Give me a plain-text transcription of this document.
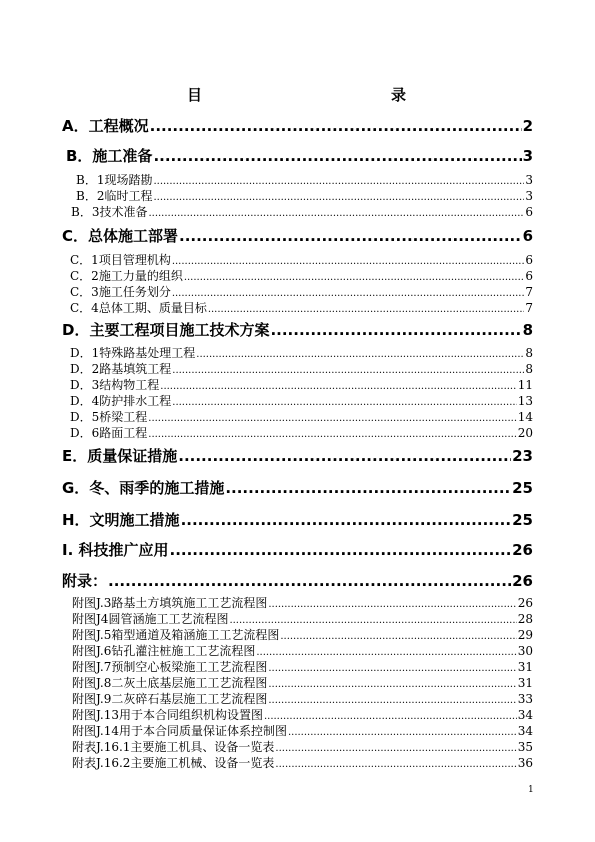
目	录
A．工程概况 .....	2
B．施工准备 .....	3
B．1现场踏勘 .....	3
B．2临时工程 .....	3
B．3技术准备 .....	6
C．总体施工部署 .....	6
C．1项目管理机构 .....	6
C．2施工力量的组织 .....	6
C．3施工任务划分 .....	7
C．4总体工期、质量目标 .....	7
D．主要工程项目施工技术方案 .....	8
D．1特殊路基处理工程 .....	8
D．2路基填筑工程 .....	8
D．3结构物工程 .....	11
D．4防护排水工程 .....	13
D．5桥梁工程 .....	14
D．6路面工程 .....	20
E．质量保证措施 .....	23
G．冬、雨季的施工措施 .....	25
H．文明施工措施 .....	25
I. 科技推广应用 .....	26
附录： .....	26
附图J.3路基土方填筑施工工艺流程图 .....	26
附图J4圆管涵施工工艺流程图 .....	28
附图J.5箱型通道及箱涵施工工艺流程图 .....	29
附图J.6钻孔灌注桩施工工艺流程图 .....	30
附图J.7预制空心板梁施工工艺流程图 .....	31
附图J.8二灰土底基层施工工艺流程图 .....	31
附图J.9二灰碎石基层施工工艺流程图 .....	33
附图J.13用于本合同组织机构设置图 .....	34
附图J.14用于本合同质量保证体系控制图 .....	34
附表J.16.1主要施工机具、设备一览表 .....	35
附表J.16.2主要施工机械、设备一览表 .....	36
1
